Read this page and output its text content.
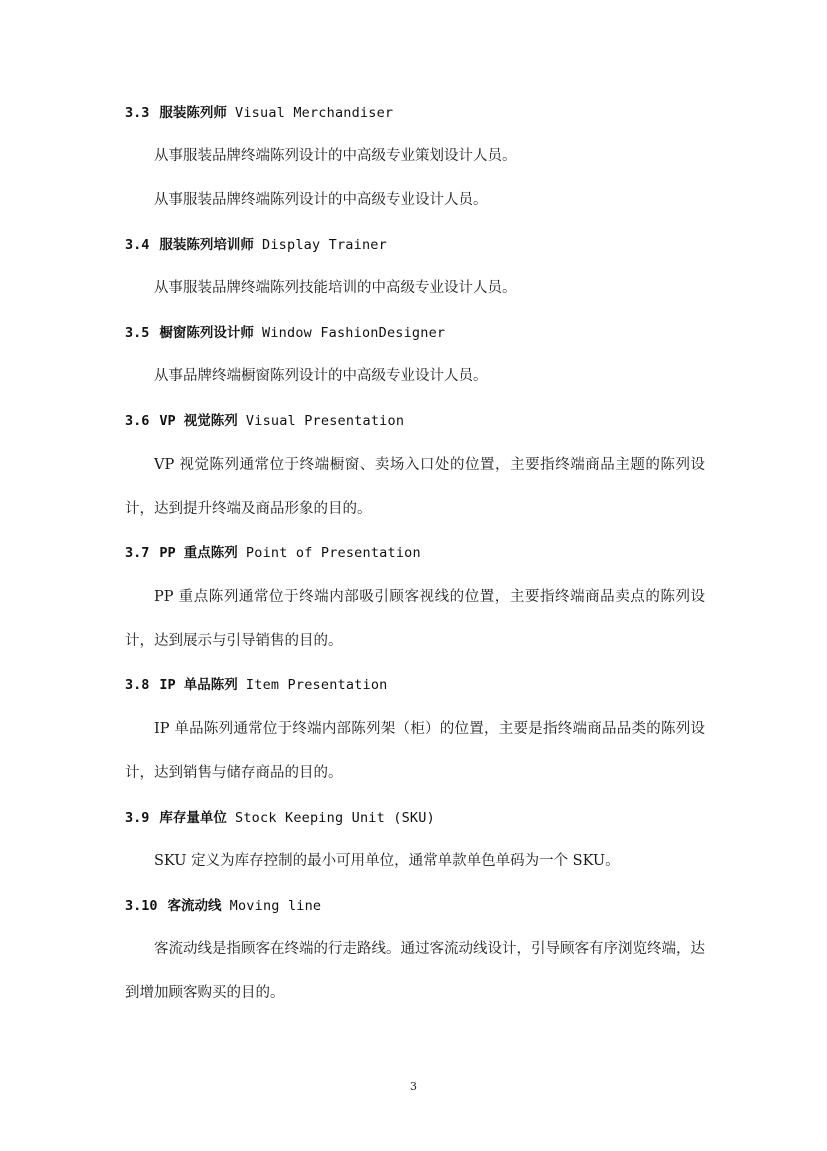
3.3 服装陈列师 Visual Merchandiser
从事服装品牌终端陈列设计的中高级专业策划设计人员。
从事服装品牌终端陈列设计的中高级专业设计人员。
3.4 服装陈列培训师 Display Trainer
从事服装品牌终端陈列技能培训的中高级专业设计人员。
3.5 橱窗陈列设计师 Window FashionDesigner
从事品牌终端橱窗陈列设计的中高级专业设计人员。
3.6 VP 视觉陈列 Visual Presentation
VP 视觉陈列通常位于终端橱窗、卖场入口处的位置，主要指终端商品主题的陈列设计，达到提升终端及商品形象的目的。
3.7 PP 重点陈列 Point of Presentation
PP 重点陈列通常位于终端内部吸引顾客视线的位置，主要指终端商品卖点的陈列设计，达到展示与引导销售的目的。
3.8 IP 单品陈列 Item Presentation
IP 单品陈列通常位于终端内部陈列架（柜）的位置，主要是指终端商品品类的陈列设计，达到销售与储存商品的目的。
3.9 库存量单位 Stock Keeping Unit (SKU)
SKU 定义为库存控制的最小可用单位，通常单款单色单码为一个 SKU。
3.10 客流动线 Moving line
客流动线是指顾客在终端的行走路线。通过客流动线设计，引导顾客有序浏览终端，达到增加顾客购买的目的。
3
